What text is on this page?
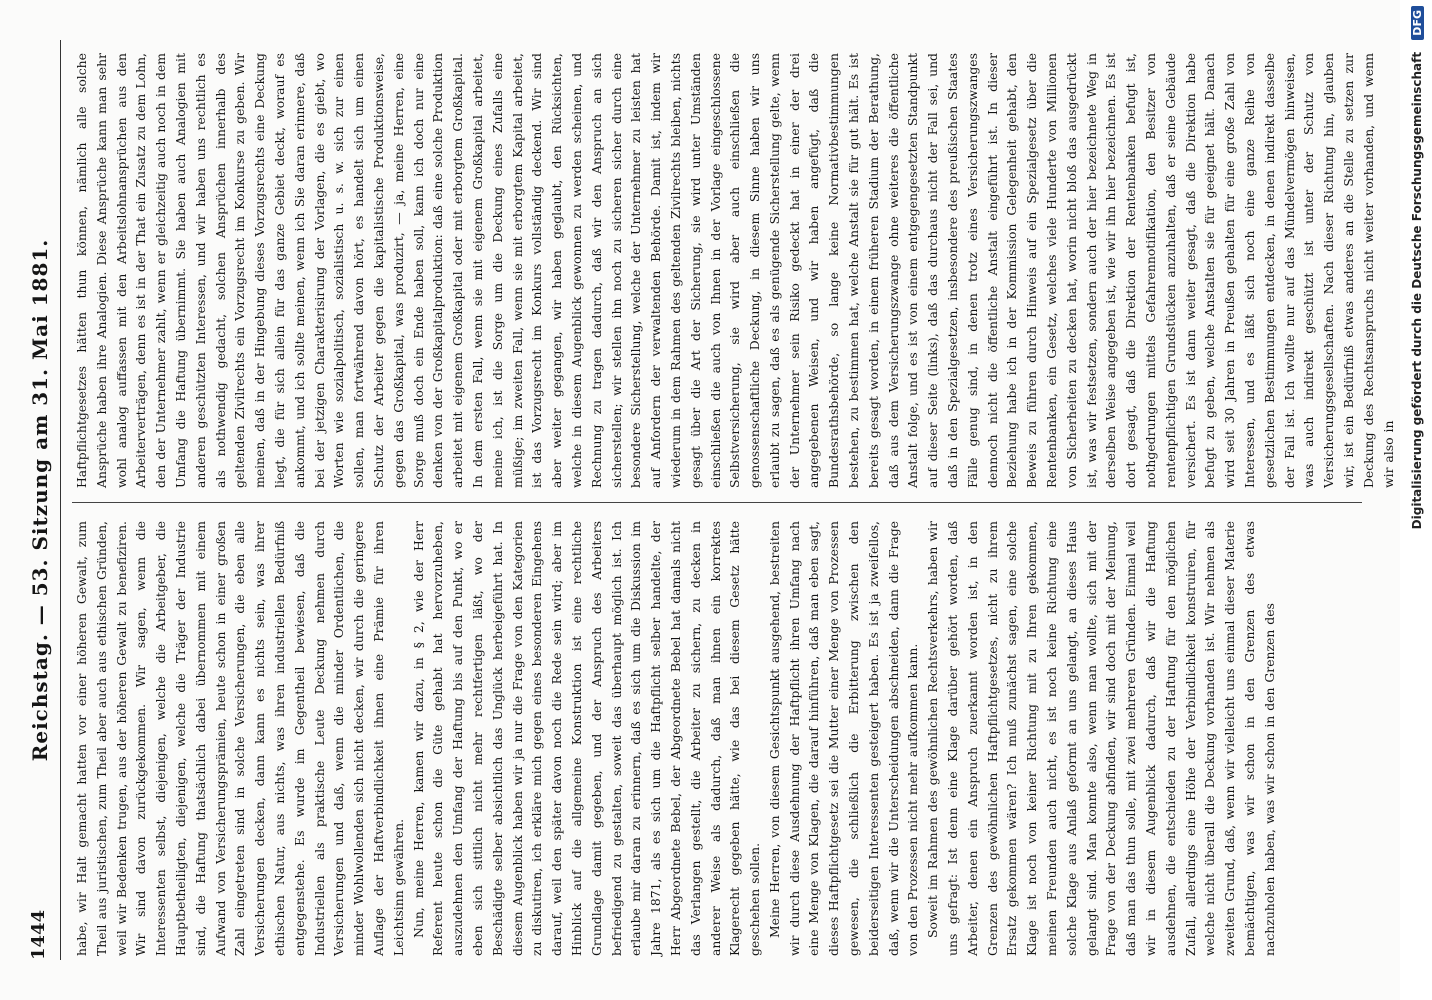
1444
Reichstag. — 53. Sitzung am 31. Mai 1881. habe, wir Halt gemacht hatten vor einer höheren Gewalt, zum Theil aus juristischen, zum Theil aber auch aus ethischen Gründen, weil wir Bedenken trugen, aus der höheren Gewalt zu benefiziren. Wir sind davon zurückgekommen. Wir sagen, wenn die Interessenten selbst, diejenigen, welche die Arbeitgeber, die Hauptbetheiligten, diejenigen, welche die Träger der Industrie sind, die Haftung thatsächlich dabei übernommen mit einem Aufwand von Versicherungsprämien, heute schon in einer großen Zahl eingetreten sind in solche Versicherungen, die eben alle Versicherungen decken, dann kann es nichts sein, was ihrer ethischen Natur, aus nichts, was ihren industriellen Bedürfniß entgegenstehe. Es wurde im Gegentheil bewiesen, daß die Industriellen als praktische Leute Deckung nehmen durch Versicherungen und daß, wenn die minder Ordentlichen, die minder Wohlwollenden sich nicht decken, wir durch die geringere Auflage der Haftverbindlichkeit ihnen eine Prämie für ihren Leichtsinn gewähren. Nun, meine Herren, kamen wir dazu, in § 2, wie der Herr Referent heute schon die Güte gehabt hat hervorzuheben, auszudehnen den Umfang der Haftung bis auf den Punkt, wo er eben sich sittlich nicht mehr rechtfertigen läßt, wo der Beschädigte selber absichtlich das Unglück herbeigeführt hat. In diesem Augenblick haben wir ja nur die Frage von den Kategorien zu diskutiren, ich erkläre mich gegen eines besonderen Eingehens darauf, weil den später davon noch die Rede sein wird; aber im Hinblick auf die allgemeine Konstruktion ist eine rechtliche Grundlage damit gegeben, und der Anspruch des Arbeiters befriedigend zu gestalten, soweit das überhaupt möglich ist. Ich erlaube mir daran zu erinnern, daß es sich um die Diskussion im Jahre 1871, als es sich um die Haftpflicht selber handelte, der Herr Abgeordnete Bebel, der Abgeordnete Bebel hat damals nicht das Verlangen gestellt, die Arbeiter zu sichern, zu decken in anderer Weise als dadurch, daß man ihnen ein korrektes Klagerecht gegeben hätte, wie das bei diesem Gesetz hätte geschehen sollen. Meine Herren, von diesem Gesichtspunkt ausgehend, bestreiten wir durch diese Ausdehnung der Haftpflicht ihren Umfang nach eine Menge von Klagen, die darauf hinführen, daß man eben sagt, dieses Haftpflichtgesetz sei die Mutter einer Menge von Prozessen gewesen, die schließlich die Erbitterung zwischen den beiderseitigen Interessenten gesteigert haben. Es ist ja zweifellos, daß, wenn wir die Unterscheidungen abschneiden, dann die Frage von den Prozessen nicht mehr aufkommen kann. Soweit im Rahmen des gewöhnlichen Rechtsverkehrs, haben wir uns gefragt: Ist denn eine Klage darüber gehört worden, daß Arbeiter, denen ein Anspruch zuerkannt worden ist, in den Grenzen des gewöhnlichen Haftpflichtgesetzes, nicht zu ihrem Ersatz gekommen wären? Ich muß zunächst sagen, eine solche Klage ist noch von keiner Richtung mit zu Ihren gekommen, meinen Freunden auch nicht, es ist noch keine Richtung eine solche Klage aus Anlaß geformt an uns gelangt, an dieses Haus gelangt sind. Man konnte also, wenn man wollte, sich mit der Frage von der Deckung abfinden, wir sind doch mit der Meinung, daß man das thun solle, mit zwei mehreren Gründen. Einmal weil wir in diesem Augenblick dadurch, daß wir die Haftung ausdehnen, die entschieden zu der Haftung für den möglichen Zufall, allerdings eine Höhe der Verbindlichkeit konstruiren, für welche nicht überall die Deckung vorhanden ist. Wir nehmen als zweiten Grund, daß, wenn wir vielleicht uns einmal dieser Materie bemächtigen, was wir schon in den Grenzen des etwas nachzuholen haben, was wir schon in den Grenzen des

Haftpflichtgesetzes hätten thun können, nämlich alle solche Ansprüche haben ihre Analogien. Diese Ansprüche kann man sehr wohl analog auffassen mit den Arbeitslohnansprüchen aus den Arbeiterverträgen, denn es ist in der That ein Zusatz zu dem Lohn, den der Unternehmer zahlt, wenn er gleichzeitig auch noch in dem Umfang die Haftung übernimmt. Sie haben auch Analogien mit anderen geschützten Interessen, und wir haben uns rechtlich es als nothwendig gedacht, solchen Ansprüchen innerhalb des geltenden Zivilrechts ein Vorzugsrecht im Konkurse zu geben. Wir meinen, daß in der Hingebung dieses Vorzugsrechts eine Deckung liegt, die für sich allein für das ganze Gebiet deckt, worauf es ankommt, und ich sollte meinen, wenn ich Sie daran erinnere, daß bei der jetzigen Charakterisirung der Vorlagen, die es giebt, wo Worten wie sozialpolitisch, sozialistisch u. s. w. sich zur einen sollen, man fortwährend davon hört, es handelt sich um einen Schutz der Arbeiter gegen die kapitalistische Produktionsweise, gegen das Großkapital, was produzirt, — ja, meine Herren, eine Sorge muß doch ein Ende haben soll, kann ich doch nur eine denken von der Großkapitalproduktion: daß eine solche Produktion arbeitet mit eigenem Großkapital oder mit erborgtem Großkapital. In dem ersten Fall, wenn sie mit eigenem Großkapital arbeitet, meine ich, ist die Sorge um die Deckung eines Zufalls eine müßige; im zweiten Fall, wenn sie mit erborgtem Kapital arbeitet, ist das Vorzugsrecht im Konkurs vollständig deckend. Wir sind aber weiter gegangen, wir haben geglaubt, den Rücksichten, welche in diesem Augenblick gewonnen zu werden scheinen, und Rechnung zu tragen dadurch, daß wir den Anspruch an sich sicherstellen; wir stellen ihn noch zu sicheren sicher durch eine besondere Sicherstellung, welche der Unternehmer zu leisten hat auf Anfordern der verwaltenden Behörde. Damit ist, indem wir wiederum in dem Rahmen des geltenden Zivilrechts bleiben, nichts gesagt über die Art der Sicherung, sie wird unter Umständen einschließen die auch von Ihnen in der Vorlage eingeschlossene Selbstversicherung, sie wird aber auch einschließen die genossenschaftliche Deckung, in diesem Sinne haben wir uns erlaubt zu sagen, daß es als genügende Sicherstellung gelte, wenn der Unternehmer sein Risiko gedeckt hat in einer der drei angegebenen Weisen, und wir haben angefügt, daß die Bundesrathsbehörde, so lange keine Normativbestimmungen bestehen, zu bestimmen hat, welche Anstalt sie für gut hält. Es ist bereits gesagt worden, in einem früheren Stadium der Berathung, daß aus dem Versicherungszwange ohne weiteres die öffentliche Anstalt folge, und es ist von einem entgegengesetzten Standpunkt auf dieser Seite (links), daß das durchaus nicht der Fall sei, und daß in den Spezialgesetzen, insbesondere des preußischen Staates Fälle genug sind, in denen trotz eines Versicherungszwanges dennoch nicht die öffentliche Anstalt eingeführt ist. In dieser Beziehung habe ich in der Kommission Gelegenheit gehabt, den Beweis zu führen durch Hinweis auf ein Spezialgesetz über die Rentenbanken, ein Gesetz, welches viele Hunderte von Millionen von Sicherheiten zu decken hat, worin nicht bloß das ausgedrückt ist, was wir festsetzen, sondern auch der hier bezeichnete Weg in derselben Weise angegeben ist, wie wir ihn hier bezeichnen. Es ist dort gesagt, daß die Direktion der Rentenbanken befugt ist, nothgedrungen mittels Gefahrennotifikation, den Besitzer von rentenpflichtigen Grundstücken anzuhalten, daß er seine Gebäude versichert. Es ist dann weiter gesagt, daß die Direktion habe befugt zu geben, welche Anstalten sie für geeignet hält. Danach wird seit 30 Jahren in Preußen gehalten für eine große Zahl von Interessen, und es läßt sich noch eine ganze Reihe von gesetzlichen Bestimmungen entdecken, in denen indirekt dasselbe der Fall ist. Ich wollte nur auf das Mündelvermögen hinweisen, was auch indirekt geschützt ist unter der Schutz von Versicherungsgesellschaften. Nach dieser Richtung hin, glauben wir, ist ein Bedürfniß etwas anderes an die Stelle zu setzen zur Deckung des Rechtsanspruchs nicht weiter vorhanden, und wenn wir also in Digitalisierung gefördert durch die Deutsche Forschungsgemeinschaft DFG
